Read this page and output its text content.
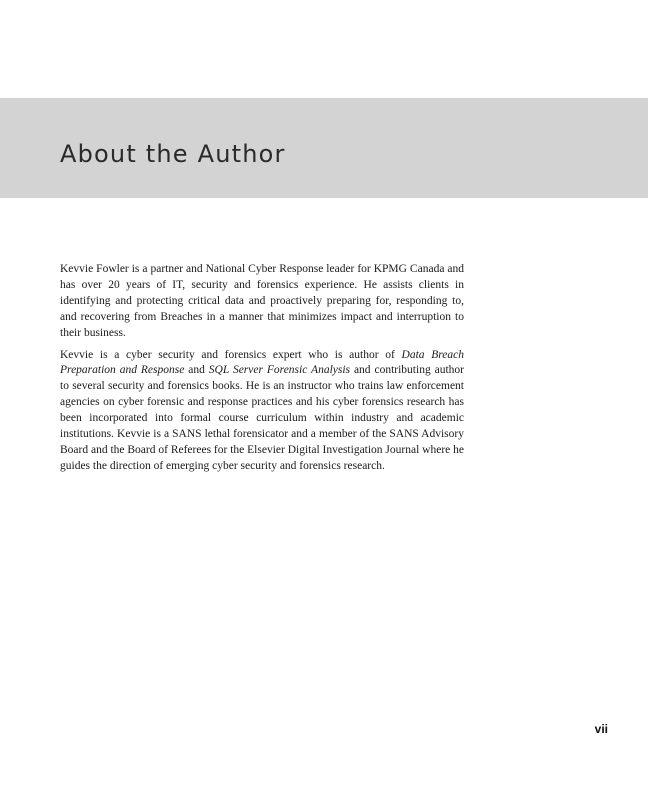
About the Author

Kevvie Fowler is a partner and National Cyber Response leader for KPMG Canada and has over 20 years of IT, security and forensics experience. He assists clients in identifying and protecting critical data and proactively preparing for, responding to, and recovering from Breaches in a manner that minimizes impact and interruption to their business.

Kevvie is a cyber security and forensics expert who is author of Data Breach Preparation and Response and SQL Server Forensic Analysis and contributing author to several security and forensics books. He is an instructor who trains law enforcement agencies on cyber forensic and response practices and his cyber forensics research has been incorporated into formal course curriculum within industry and academic institutions. Kevvie is a SANS lethal forensicator and a member of the SANS Advisory Board and the Board of Referees for the Elsevier Digital Investigation Journal where he guides the direction of emerging cyber security and forensics research.

vii
